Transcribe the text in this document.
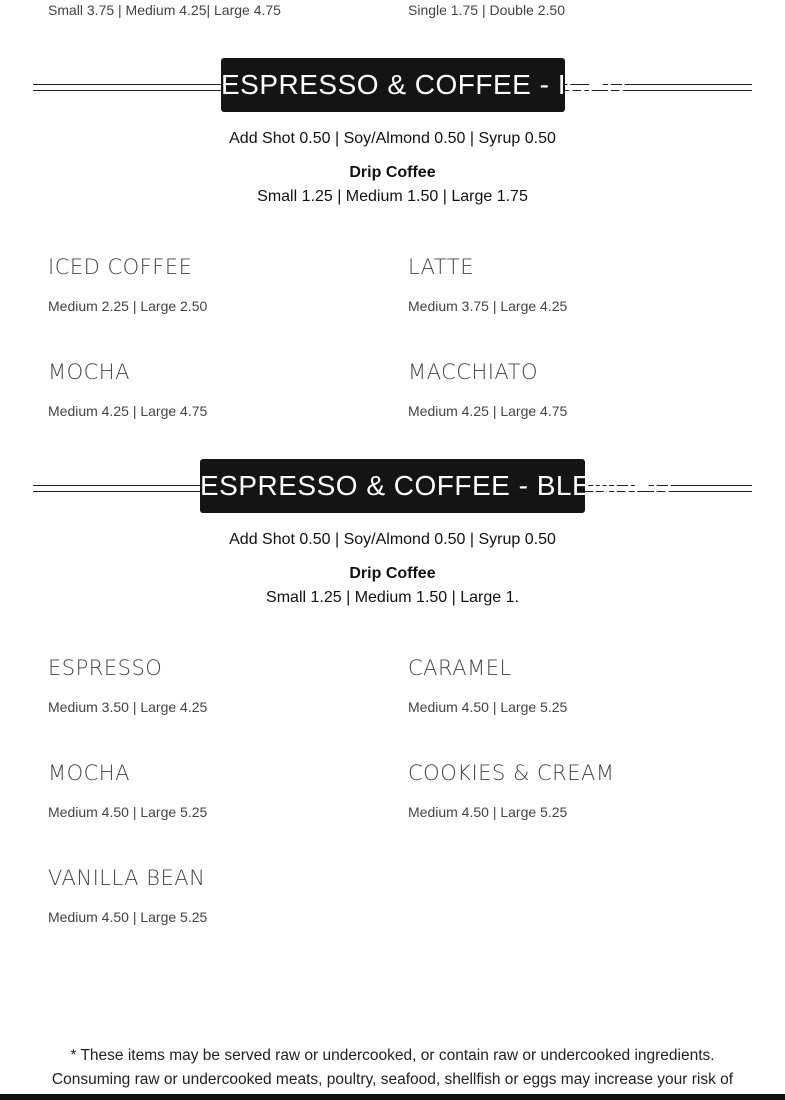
Small 3.75 | Medium 4.25| Large 4.75	Single 1.75 | Double 2.50
ESPRESSO & COFFEE - ICED
Add Shot 0.50 | Soy/Almond 0.50 | Syrup 0.50
Drip Coffee
Small 1.25 | Medium 1.50 | Large 1.75
ICED COFFEE
Medium 2.25 | Large 2.50
LATTE
Medium 3.75 | Large 4.25
MOCHA
Medium 4.25 | Large 4.75
MACCHIATO
Medium 4.25 | Large 4.75
ESPRESSO & COFFEE - BLENDED
Add Shot 0.50 | Soy/Almond 0.50 | Syrup 0.50
Drip Coffee
Small 1.25 | Medium 1.50 | Large 1.
ESPRESSO
Medium 3.50 | Large 4.25
CARAMEL
Medium 4.50 | Large 5.25
MOCHA
Medium 4.50 | Large 5.25
COOKIES & CREAM
Medium 4.50 | Large 5.25
VANILLA BEAN
Medium 4.50 | Large 5.25
* These items may be served raw or undercooked, or contain raw or undercooked ingredients.
Consuming raw or undercooked meats, poultry, seafood, shellfish or eggs may increase your risk of
